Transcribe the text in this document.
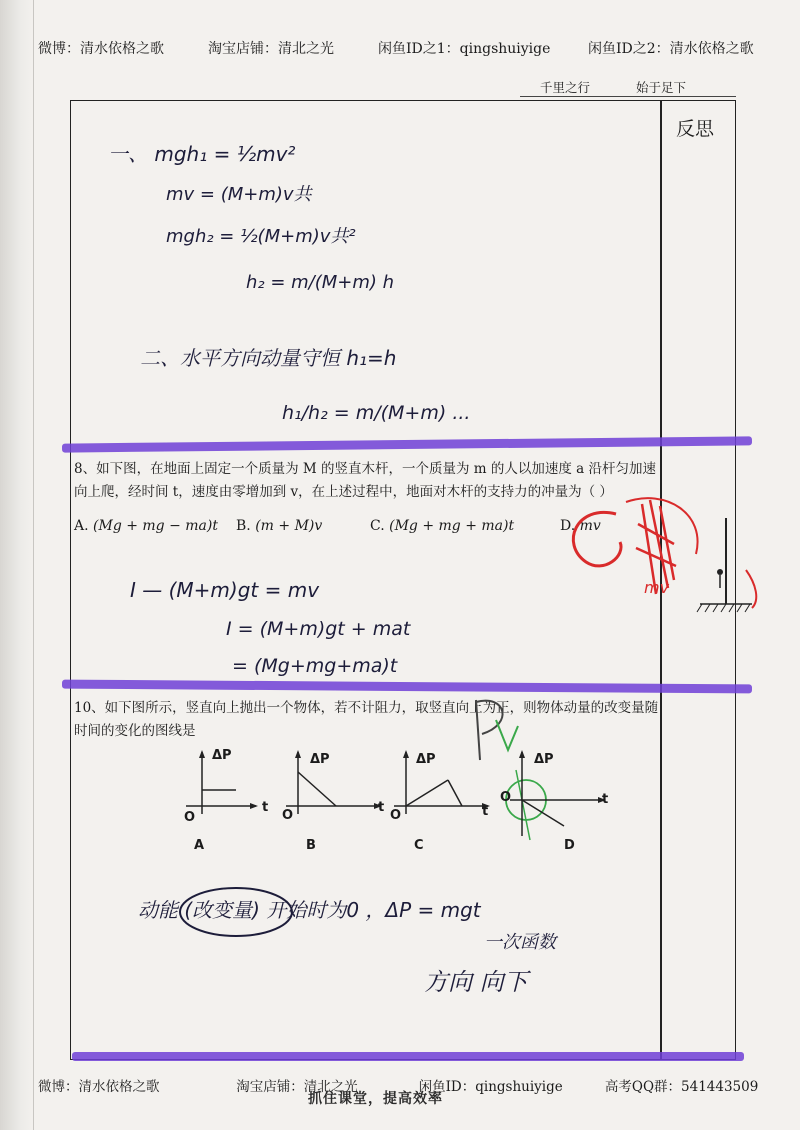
微博：清水依格之歌	淘宝店铺：清北之光	闲鱼ID之1：qingshuiyige	闲鱼ID之2：清水依格之歌
千里之行	始于足下
反思
一、 mgh₁ = ½mv²
mv = (M+m)v共
mgh₂ = ½(M+m)v共²
h₂ = m/(M+m) h
二、水平方向动量守恒 h₁=h
h₁/h₂ = m/(M+m) ...
8、如下图，在地面上固定一个质量为 M 的竖直木杆，一个质量为 m 的人以加速度 a 沿杆匀加速
向上爬，经时间 t，速度由零增加到 v，在上述过程中，地面对木杆的支持力的冲量为（ ）
A. (Mg + mg − ma)t B. (m + M)v	C. (Mg + mg + ma)t	D. mv
mv
I — (M+m)gt = mv
I = (M+m)gt + mat
= (Mg+mg+ma)t
10、如下图所示，竖直向上抛出一个物体，若不计阻力，取竖直向上为正，则物体动量的改变量随
时间的变化的图线是
ΔP
O
t
A
ΔP
O
t
B
ΔP
O	t
C
ΔP
O	t
D
动能 (改变量) 开始时为0 ，ΔP = mgt
一次函数
方向 向下
微博：清水依格之歌	淘宝店铺：清北之光	闲鱼ID：qingshuiyige	高考QQ群：541443509
抓住课堂，提高效率
